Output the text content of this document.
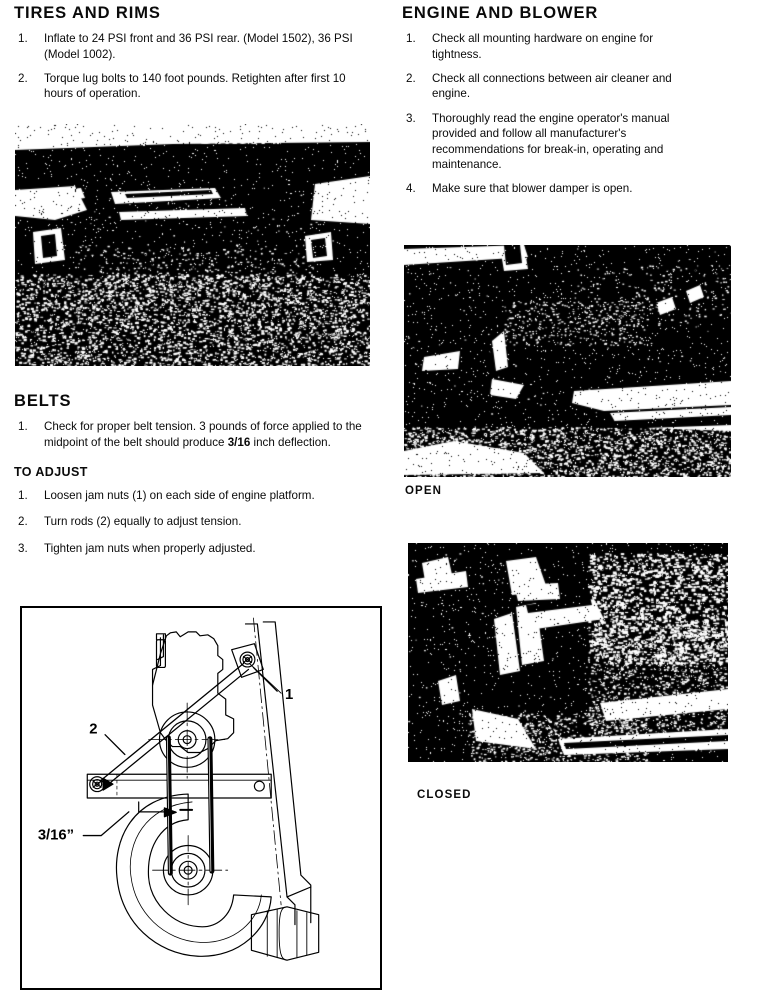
TIRES AND RIMS
1.	Inflate to 24 PSI front and 36 PSI rear. (Model 1502), 36 PSI (Model 1002).
2.	Torque lug bolts to 140 foot pounds. Retighten after first 10 hours of operation.
BELTS
1.	Check for proper belt tension. 3 pounds of force applied to the midpoint of the belt should produce 3/16 inch deflection.
TO ADJUST
1.	Loosen jam nuts (1) on each side of engine platform.
2.	Turn rods (2) equally to adjust tension.
3.	Tighten jam nuts when properly adjusted.
1
2
3/16”
ENGINE AND BLOWER
1.	Check all mounting hardware on engine for
tightness.
2.	Check all connections between air cleaner and
engine.
3.	Thoroughly read the engine operator's manual
provided and follow all manufacturer's
recommendations for break-in, operating and
maintenance.
4.	Make sure that blower damper is open.
OPEN
CLOSED
